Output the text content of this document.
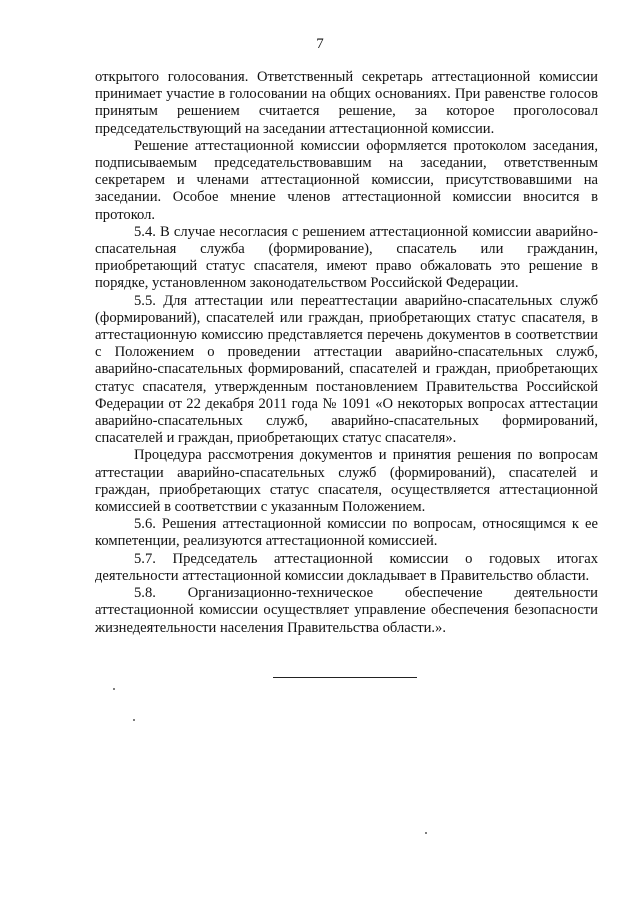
7

открытого голосования. Ответственный секретарь аттестационной комиссии принимает участие в голосовании на общих основаниях. При равенстве голосов принятым решением считается решение, за которое проголосовал председательствующий на заседании аттестационной комиссии.

Решение аттестационной комиссии оформляется протоколом заседания, подписываемым председательствовавшим на заседании, ответственным секретарем и членами аттестационной комиссии, присутствовавшими на заседании. Особое мнение членов аттестационной комиссии вносится в протокол.

5.4. В случае несогласия с решением аттестационной комиссии аварийно-спасательная служба (формирование), спасатель или гражданин, приобретающий статус спасателя, имеют право обжаловать это решение в порядке, установленном законодательством Российской Федерации.

5.5. Для аттестации или переаттестации аварийно-спасательных служб (формирований), спасателей или граждан, приобретающих статус спасателя, в аттестационную комиссию представляется перечень документов в соответствии с Положением о проведении аттестации аварийно-спасательных служб, аварийно-спасательных формирований, спасателей и граждан, приобретающих статус спасателя, утвержденным постановлением Правительства Российской Федерации от 22 декабря 2011 года № 1091 «О некоторых вопросах аттестации аварийно-спасательных служб, аварийно-спасательных формирований, спасателей и граждан, приобретающих статус спасателя».

Процедура рассмотрения документов и принятия решения по вопросам аттестации аварийно-спасательных служб (формирований), спасателей и граждан, приобретающих статус спасателя, осуществляется аттестационной комиссией в соответствии с указанным Положением.

5.6. Решения аттестационной комиссии по вопросам, относящимся к ее компетенции, реализуются аттестационной комиссией.

5.7. Председатель аттестационной комиссии о годовых итогах деятельности аттестационной комиссии докладывает в Правительство области.

5.8. Организационно-техническое обеспечение деятельности аттестационной комиссии осуществляет управление обеспечения безопасности жизнедеятельности населения Правительства области.».
